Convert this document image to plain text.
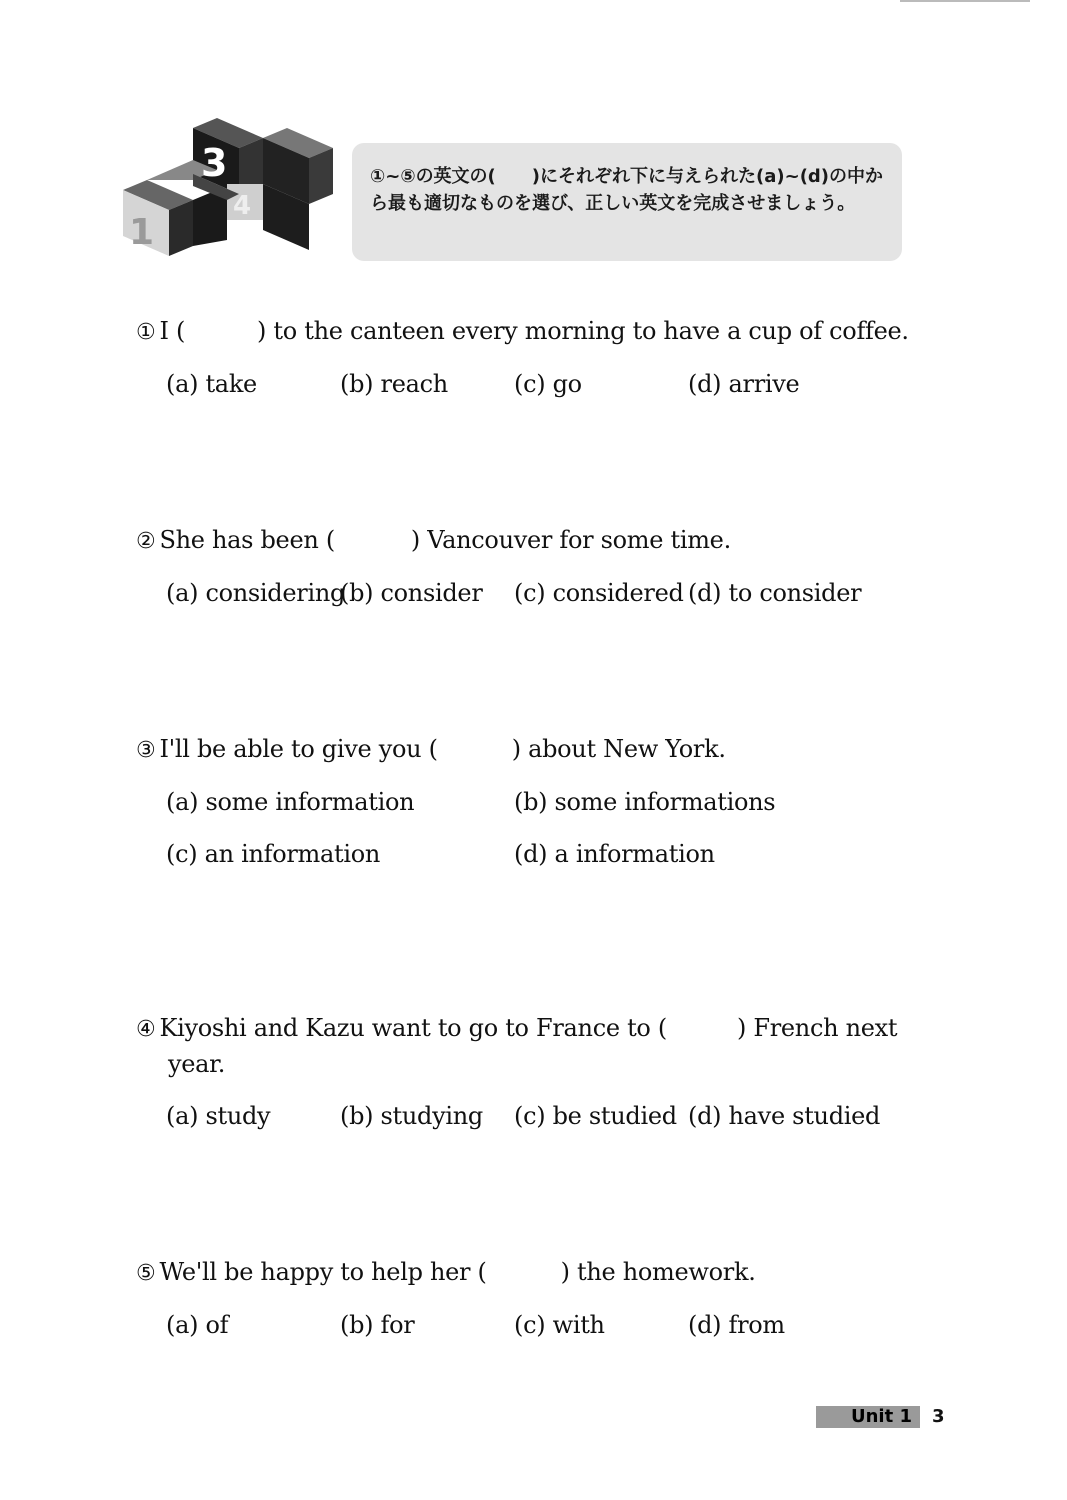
3
1
4
①~⑤の英文の(　　)にそれぞれ下に与えられた(a)~(d)の中から最も適切なものを選び、正しい英文を完成させましょう。
① I (	) to the canteen every morning to have a cup of coffee.
(a) take	(b) reach	(c) go	(d) arrive
② She has been (	) Vancouver for some time.
(a) considering
(b) consider (c) considered (d) to consider
③ I'll be able to give you (	) about New York.
(a) some information	(b) some informations
(c) an information	(d) a information
④ Kiyoshi and Kazu want to go to France to (	) French next
year.
(a) study	(b) studying (c) be studied (d) have studied
⑤ We'll be happy to help her (	) the homework.
(a) of	(b) for	(c) with	(d) from
Unit 1	3
